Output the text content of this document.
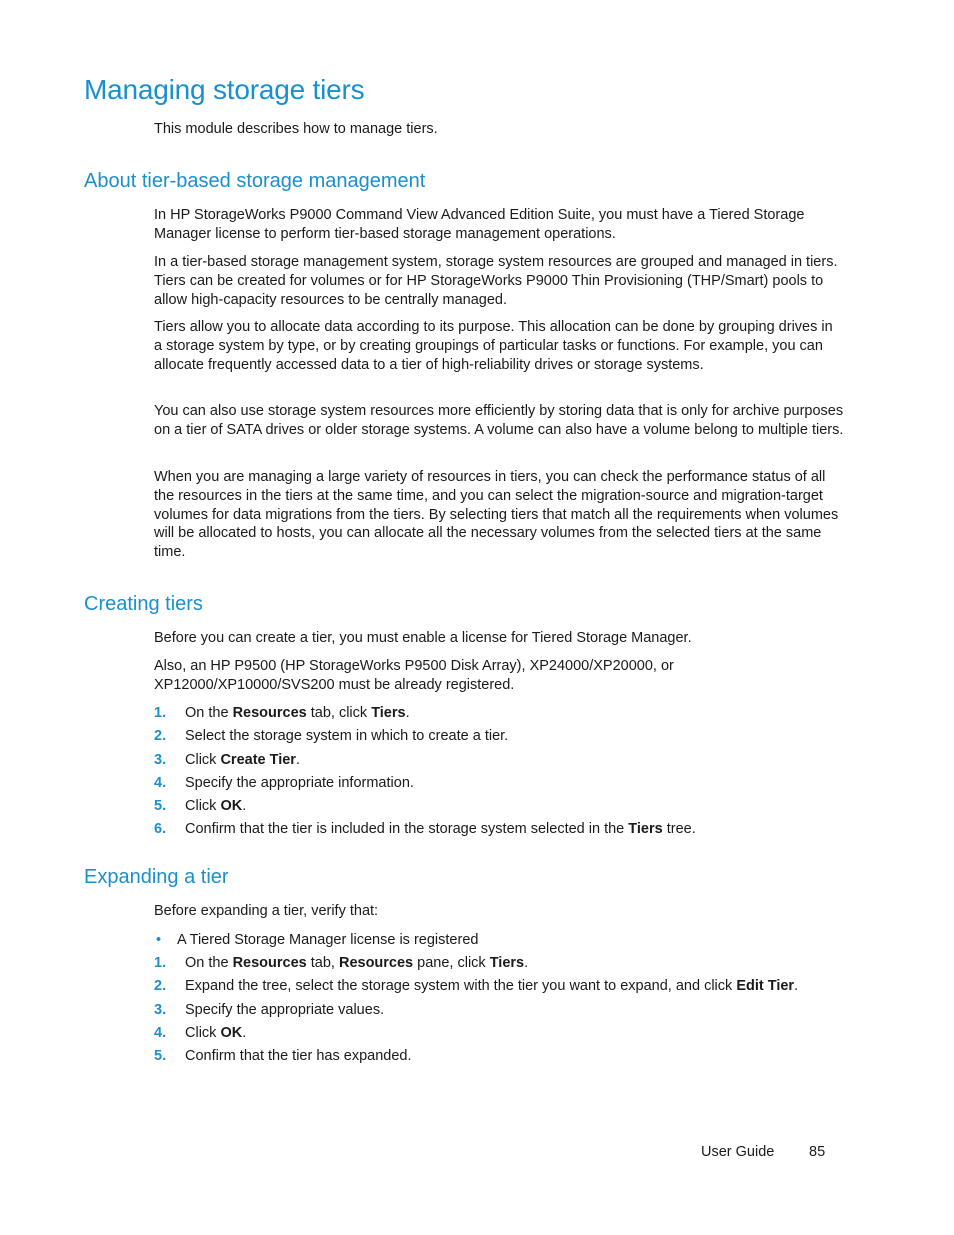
Managing storage tiers

This module describes how to manage tiers.

About tier-based storage management

In HP StorageWorks P9000 Command View Advanced Edition Suite, you must have a Tiered Storage Manager license to perform tier-based storage management operations.

In a tier-based storage management system, storage system resources are grouped and managed in tiers. Tiers can be created for volumes or for HP StorageWorks P9000 Thin Provisioning (THP/Smart) pools to allow high-capacity resources to be centrally managed.

Tiers allow you to allocate data according to its purpose. This allocation can be done by grouping drives in a storage system by type, or by creating groupings of particular tasks or functions. For example, you can allocate frequently accessed data to a tier of high-reliability drives or storage systems.

You can also use storage system resources more efficiently by storing data that is only for archive purposes on a tier of SATA drives or older storage systems. A volume can also have a volume belong to multiple tiers.

When you are managing a large variety of resources in tiers, you can check the performance status of all the resources in the tiers at the same time, and you can select the migration-source and migration-target volumes for data migrations from the tiers. By selecting tiers that match all the requirements when volumes will be allocated to hosts, you can allocate all the necessary volumes from the selected tiers at the same time.

Creating tiers

Before you can create a tier, you must enable a license for Tiered Storage Manager.

Also, an HP P9500 (HP StorageWorks P9500 Disk Array), XP24000/XP20000, or
XP12000/XP10000/SVS200 must be already registered.

1. On the Resources tab, click Tiers.
2. Select the storage system in which to create a tier.
3. Click Create Tier.
4. Specify the appropriate information.
5. Click OK.
6. Confirm that the tier is included in the storage system selected in the Tiers tree.
Expanding a tier

Before expanding a tier, verify that:

• A Tiered Storage Manager license is registered
1. On the Resources tab, Resources pane, click Tiers.
2. Expand the tree, select the storage system with the tier you want to expand, and click Edit Tier.
3. Specify the appropriate values.
4. Click OK.
5. Confirm that the tier has expanded.
User Guide 85
